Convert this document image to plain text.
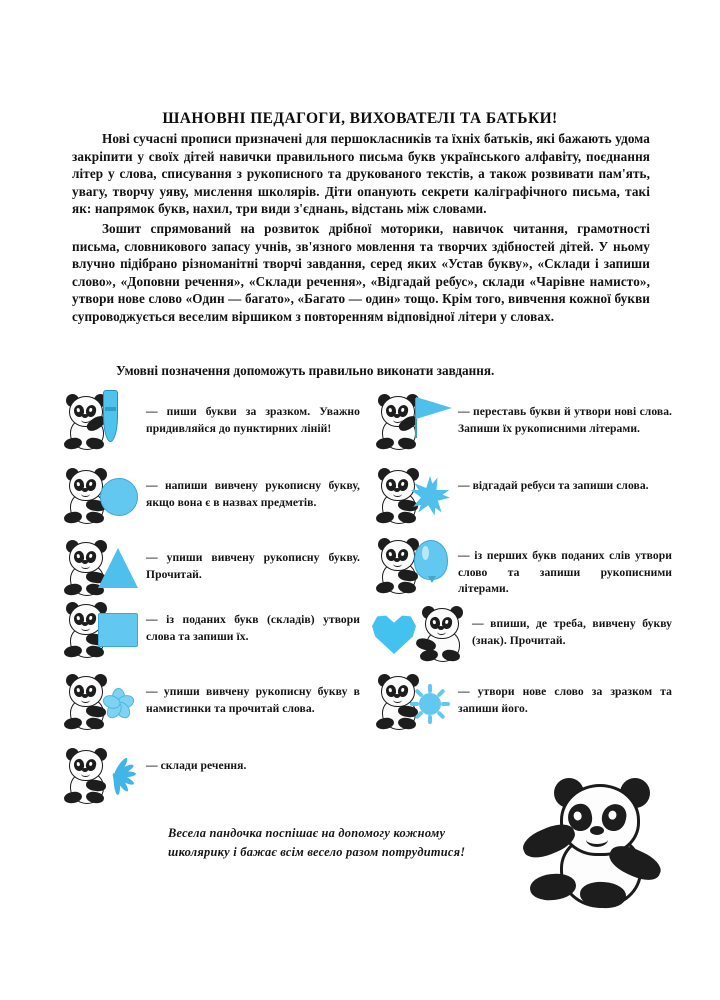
ШАНОВНІ ПЕДАГОГИ, ВИХОВАТЕЛІ ТА БАТЬКИ!

Нові сучасні прописи призначені для першокласників та їхніх батьків, які бажають удома закріпити у своїх дітей навички правильного письма букв українського алфавіту, поєднання літер у слова, списування з рукописного та друкованого текстів, а також розвивати пам'ять, увагу, творчу уяву, мислення школярів. Діти опанують секрети каліграфічного письма, такі як: напрямок букв, нахил, три види з'єднань, відстань між словами.

Зошит спрямований на розвиток дрібної моторики, навичок читання, грамотності письма, словникового запасу учнів, зв'язного мовлення та творчих здібностей дітей. У ньому влучно підібрано різноманітні творчі завдання, серед яких «Устав букву», «Склади і запиши слово», «Доповни речення», «Склади речення», «Відгадай ребус», склади «Чарівне намисто», утвори нове слово «Один — багато», «Багато — один» тощо. Крім того, вивчення кожної букви супроводжується веселим віршиком з повторенням відповідної літери у словах.

Умовні позначення допоможуть правильно виконати завдання.
— пиши букви за зразком. Уважно придивляйся до пунктирних ліній!
— напиши вивчену рукописну букву, якщо вона є в назвах предметів.
— упиши вивчену рукописну букву. Прочитай.
— із поданих букв (складів) утвори слова та запиши їх.
— упиши вивчену рукописну букву в намистинки та прочитай слова.
— склади речення.
— переставь букви й утвори нові слова. Запиши їх рукописними літерами.
— відгадай ребуси та запиши слова.
— із перших букв поданих слів утвори слово та запиши рукописними літерами.
— впиши, де треба, вивчену букву (знак). Прочитай.
— утвори нове слово за зразком та запиши його.
Весела пандочка поспішає на допомогу кожному школярику і бажає всім весело разом потрудитися!
